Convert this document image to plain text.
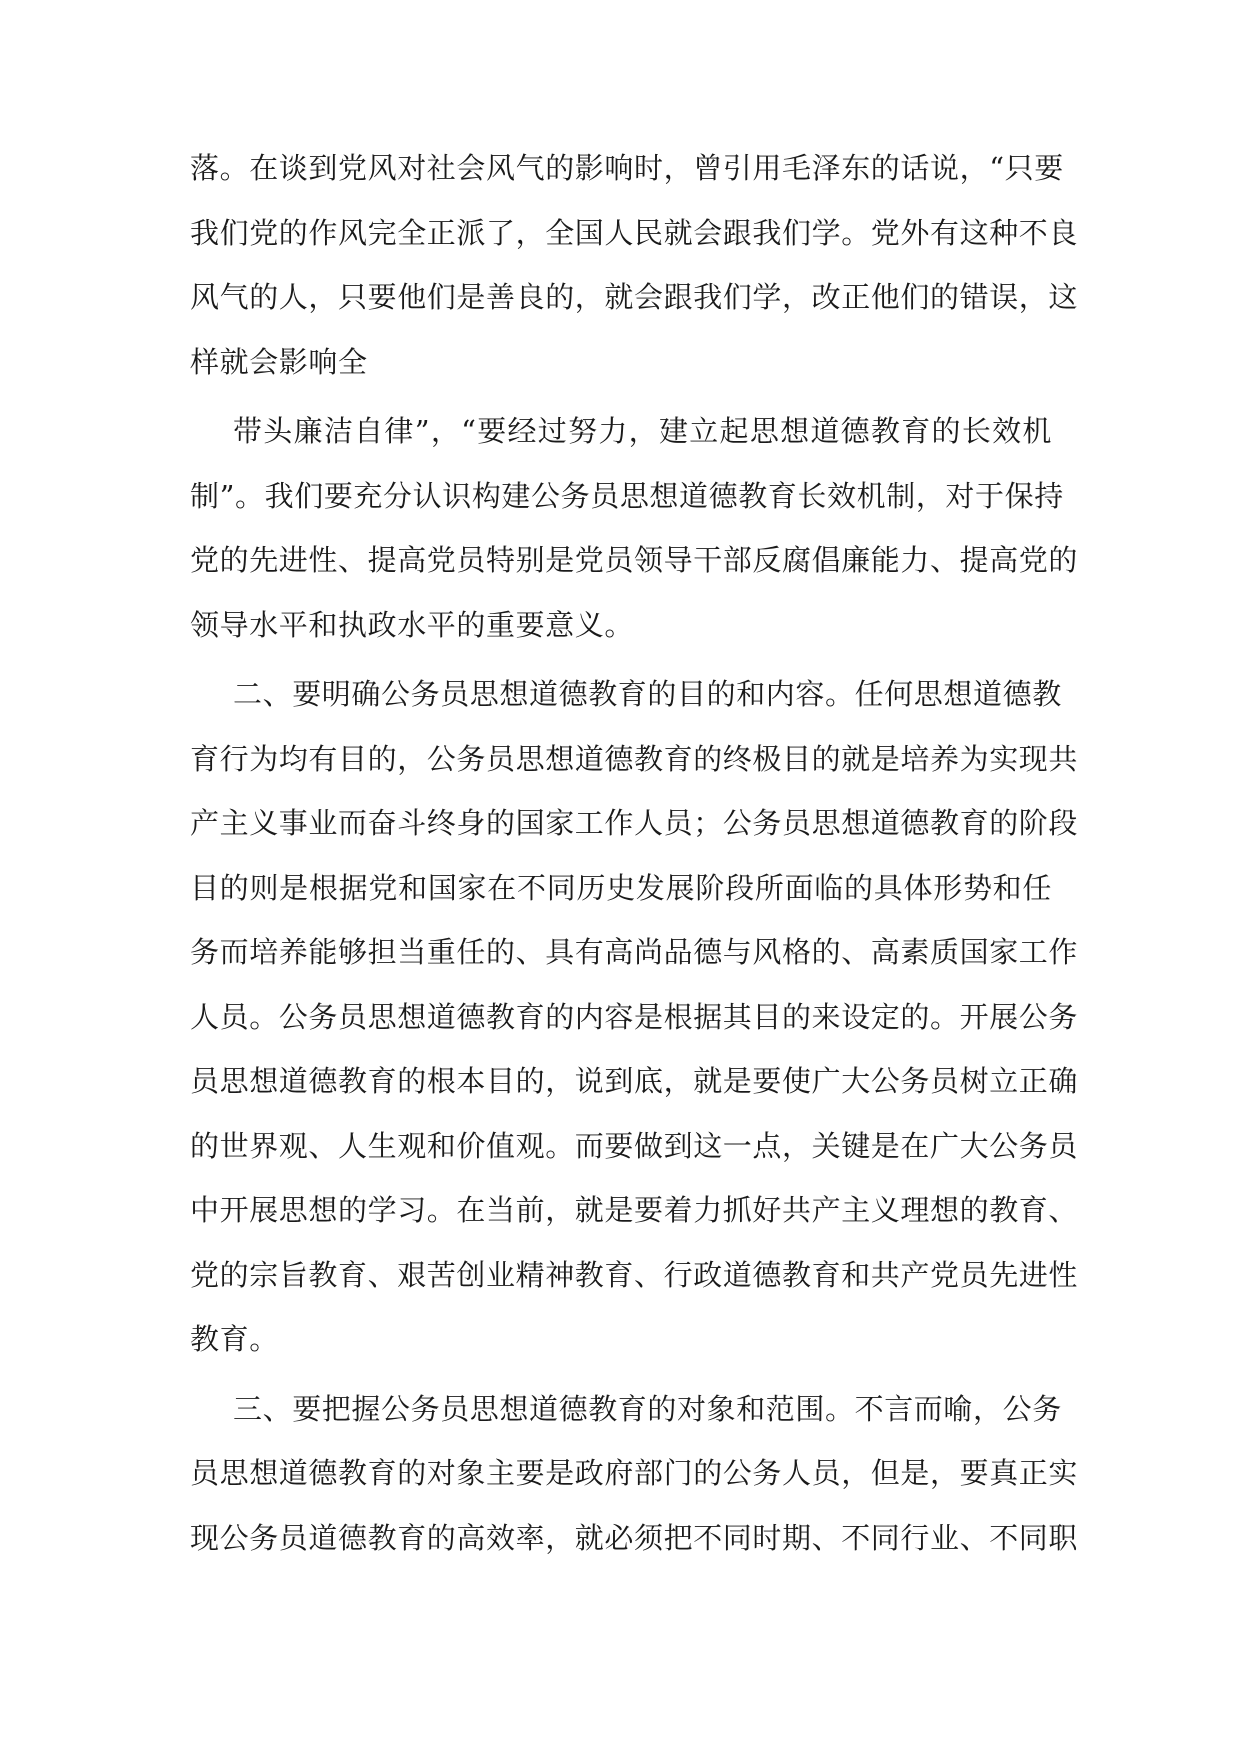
落。在谈到党风对社会风气的影响时，曾引用毛泽东的话说，“只要
我们党的作风完全正派了，全国人民就会跟我们学。党外有这种不良
风气的人，只要他们是善良的，就会跟我们学，改正他们的错误，这
样就会影响全
带头廉洁自律”，“要经过努力，建立起思想道德教育的长效机
制”。我们要充分认识构建公务员思想道德教育长效机制，对于保持
党的先进性、提高党员特别是党员领导干部反腐倡廉能力、提高党的
领导水平和执政水平的重要意义。
二、要明确公务员思想道德教育的目的和内容。任何思想道德教
育行为均有目的，公务员思想道德教育的终极目的就是培养为实现共
产主义事业而奋斗终身的国家工作人员；公务员思想道德教育的阶段
目的则是根据党和国家在不同历史发展阶段所面临的具体形势和任
务而培养能够担当重任的、具有高尚品德与风格的、高素质国家工作
人员。公务员思想道德教育的内容是根据其目的来设定的。开展公务
员思想道德教育的根本目的，说到底，就是要使广大公务员树立正确
的世界观、人生观和价值观。而要做到这一点，关键是在广大公务员
中开展思想的学习。在当前，就是要着力抓好共产主义理想的教育、
党的宗旨教育、艰苦创业精神教育、行政道德教育和共产党员先进性
教育。
三、要把握公务员思想道德教育的对象和范围。不言而喻，公务
员思想道德教育的对象主要是政府部门的公务人员，但是，要真正实
现公务员道德教育的高效率，就必须把不同时期、不同行业、不同职
